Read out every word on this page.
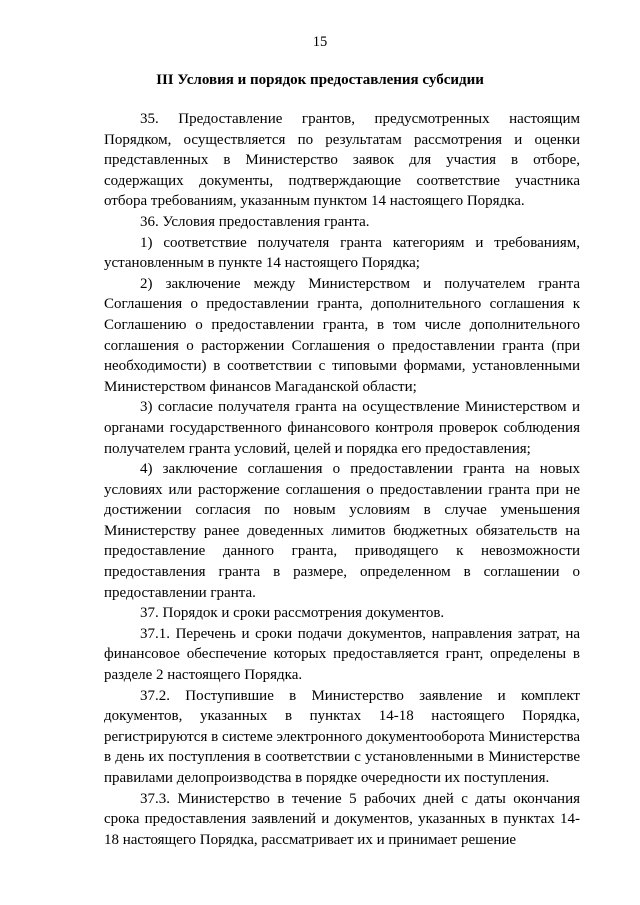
15
III Условия и порядок предоставления субсидии

35. Предоставление грантов, предусмотренных настоящим Порядком, осуществляется по результатам рассмотрения и оценки представленных в Министерство заявок для участия в отборе, содержащих документы, подтверждающие соответствие участника отбора требованиям, указанным пунктом 14 настоящего Порядка.

36. Условия предоставления гранта.

1) соответствие получателя гранта категориям и требованиям, установленным в пункте 14 настоящего Порядка;

2) заключение между Министерством и получателем гранта Соглашения о предоставлении гранта, дополнительного соглашения к Соглашению о предоставлении гранта, в том числе дополнительного соглашения о расторжении Соглашения о предоставлении гранта (при необходимости) в соответствии с типовыми формами, установленными Министерством финансов Магаданской области;

3) согласие получателя гранта на осуществление Министерством и органами государственного финансового контроля проверок соблюдения получателем гранта условий, целей и порядка его предоставления;

4) заключение соглашения о предоставлении гранта на новых условиях или расторжение соглашения о предоставлении гранта при не достижении согласия по новым условиям в случае уменьшения Министерству ранее доведенных лимитов бюджетных обязательств на предоставление данного гранта, приводящего к невозможности предоставления гранта в размере, определенном в соглашении о предоставлении гранта.

37. Порядок и сроки рассмотрения документов.

37.1. Перечень и сроки подачи документов, направления затрат, на финансовое обеспечение которых предоставляется грант, определены в разделе 2 настоящего Порядка.

37.2. Поступившие в Министерство заявление и комплект документов, указанных в пунктах 14-18 настоящего Порядка, регистрируются в системе электронного документооборота Министерства в день их поступления в соответствии с установленными в Министерстве правилами делопроизводства в порядке очередности их поступления.

37.3. Министерство в течение 5 рабочих дней с даты окончания срока предоставления заявлений и документов, указанных в пунктах 14-18 настоящего Порядка, рассматривает их и принимает решение
